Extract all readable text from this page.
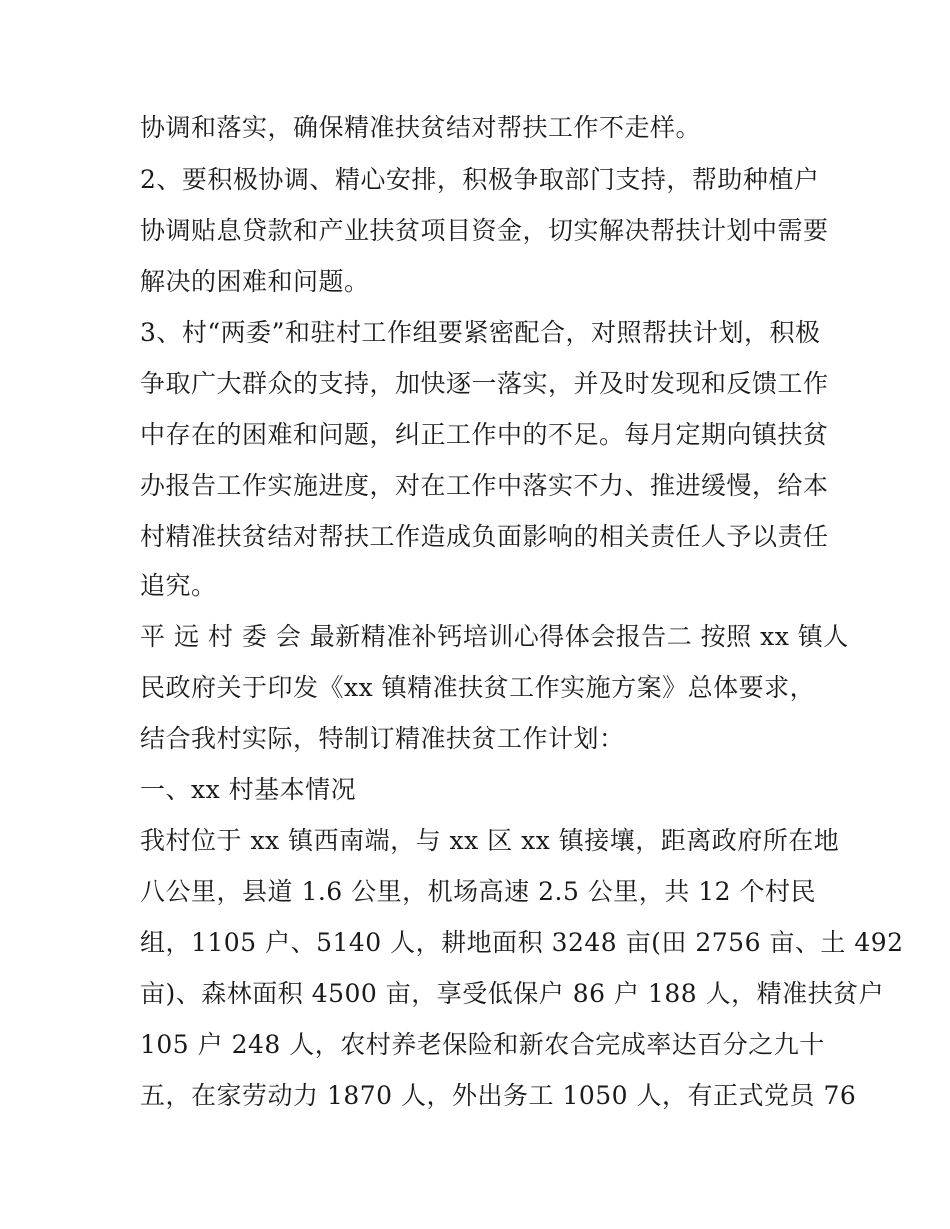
协调和落实，确保精准扶贫结对帮扶工作不走样。
2、要积极协调、精心安排，积极争取部门支持，帮助种植户
协调贴息贷款和产业扶贫项目资金，切实解决帮扶计划中需要
解决的困难和问题。
3、村“两委”和驻村工作组要紧密配合，对照帮扶计划，积极
争取广大群众的支持，加快逐一落实，并及时发现和反馈工作
中存在的困难和问题，纠正工作中的不足。每月定期向镇扶贫
办报告工作实施进度，对在工作中落实不力、推进缓慢，给本
村精准扶贫结对帮扶工作造成负面影响的相关责任人予以责任
追究。
平 远 村 委 会 最新精准补钙培训心得体会报告二 按照 xx 镇人
民政府关于印发《xx 镇精准扶贫工作实施方案》总体要求，
结合我村实际，特制订精准扶贫工作计划：
一、xx 村基本情况
我村位于 xx 镇西南端，与 xx 区 xx 镇接壤，距离政府所在地
八公里，县道 1.6 公里，机场高速 2.5 公里，共 12 个村民
组，1105 户、5140 人，耕地面积 3248 亩(田 2756 亩、土 492
亩)、森林面积 4500 亩，享受低保户 86 户 188 人，精准扶贫户
105 户 248 人，农村养老保险和新农合完成率达百分之九十
五，在家劳动力 1870 人，外出务工 1050 人，有正式党员 76
